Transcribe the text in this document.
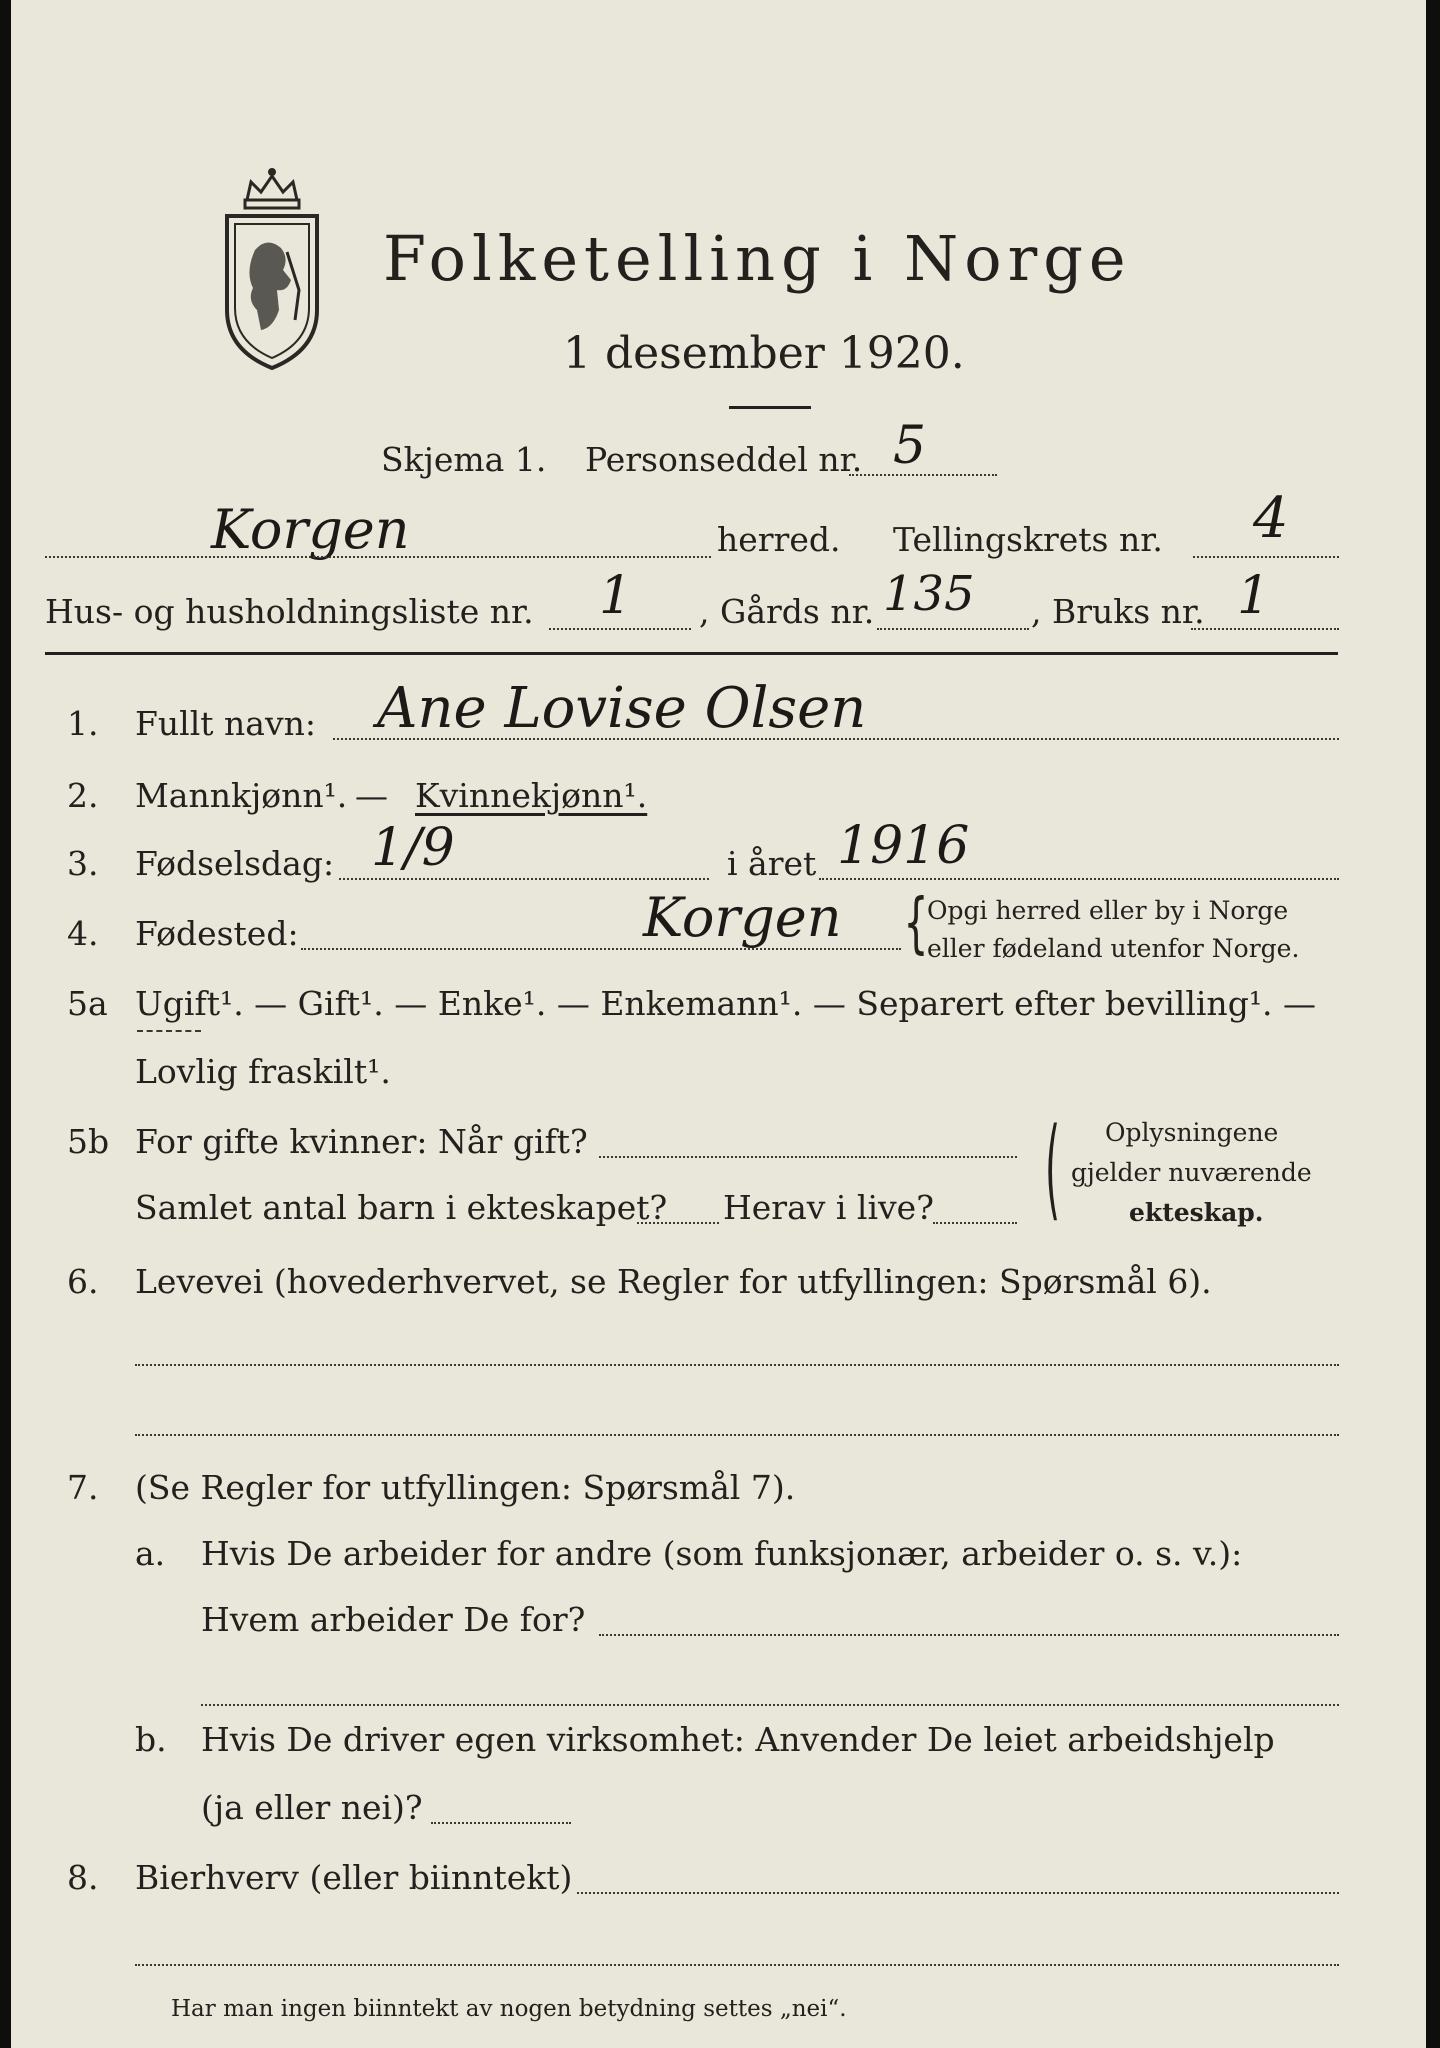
Folketelling i Norge
1 desember 1920.
Skjema 1. Personseddel nr. 5
Korgen	herred. Tellingskrets nr. 4
Hus- og husholdningsliste nr. 1 , Gårds nr. 135 , Bruks nr. 1
1. Fullt navn: Ane Lovise Olsen
2. Mannkjønn¹. — Kvinnekjønn¹.
3. Fødselsdag: 1/9	i året 1916
4. Fødested:	Korgen {
Opgi herred eller by i Norge
eller fødeland utenfor Norge.
5a Ugift¹. — Gift¹. — Enke¹. — Enkemann¹. — Separert efter bevilling¹. —
Lovlig fraskilt¹.
5b For gifte kvinner: Når gift?
Samlet antal barn i ekteskapet? Herav i live? ( Oplysningene
gjelder nuværende
ekteskap.
6. Levevei (hovederhvervet, se Regler for utfyllingen: Spørsmål 6).
7. (Se Regler for utfyllingen: Spørsmål 7).
a. Hvis De arbeider for andre (som funksjonær, arbeider o. s. v.):
Hvem arbeider De for?
b. Hvis De driver egen virksomhet: Anvender De leiet arbeidshjelp
(ja eller nei)?
8. Bierhverv (eller biinntekt)
Har man ingen biinntekt av nogen betydning settes „nei“.
